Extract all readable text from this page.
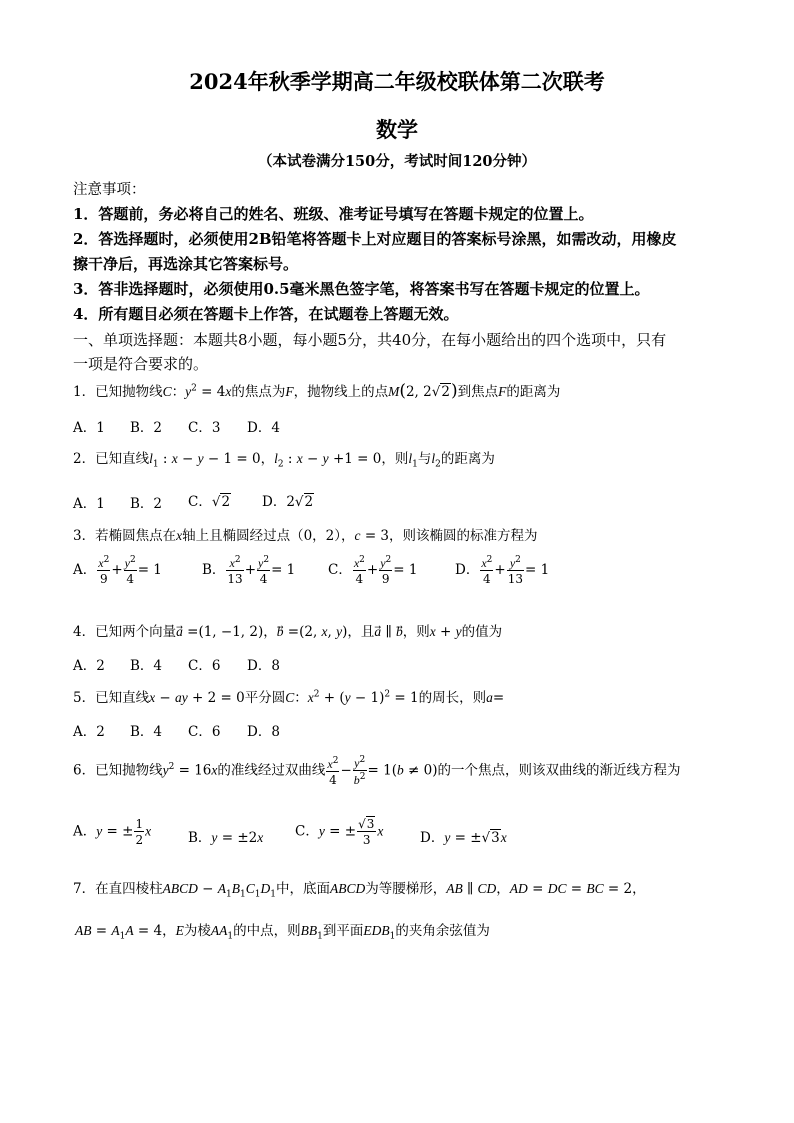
2024年秋季学期高二年级校联体第二次联考
数学
（本试卷满分150分，考试时间120分钟）
注意事项：
1．答题前，务必将自己的姓名、班级、准考证号填写在答题卡规定的位置上。
2．答选择题时，必须使用2B铅笔将答题卡上对应题目的答案标号涂黑，如需改动，用橡皮
擦干净后，再选涂其它答案标号。
3．答非选择题时，必须使用0.5毫米黑色签字笔，将答案书写在答题卡规定的位置上。
4．所有题目必须在答题卡上作答，在试题卷上答题无效。
一、单项选择题：本题共8小题，每小题5分，共40分，在每小题给出的四个选项中，只有
一项是符合要求的。
1．已知抛物线C：$y^2 = 4x$的焦点为F，抛物线上的点M(2, 2√2)到焦点F的距离为
A．1 B．2 C．3 D．4
2．已知直线$l_1$ : x − y − 1 = 0，$l_2$ : x − y +1 = 0，则$l_1$与$l_2$的距离为
A．1 B．2 C．√2 D．2√2
3．若椭圆焦点在x轴上且椭圆经过点（0，2），c = 3，则该椭圆的标准方程为
A． $\frac{x^2}{9} + \frac{y^2}{4} = 1$	B． $\frac{x^2}{13} + \frac{y^2}{4} = 1$ C． $\frac{x^2}{4} + \frac{y^2}{9} = 1$	D． $\frac{x^2}{4} + \frac{y^2}{13} = 1$
4．已知两个向量a⃗ =(1, −1, 2)，b⃗ =(2, x, y)，且a⃗ ∥ b，则x + y的值为
A．2 B．4 C．6 D．8
5．已知直线x − ay + 2 = 0平分圆C：$x^2 + (y - 1)^2 = 1$的周长，则a=
A．2 B．4 C．6 D．8
6．已知抛物线$y^2 = 16x$的准线经过双曲线 $\frac{x^2}{4} - \frac{y^2}{b^2} = 1(b \ne 0)$的一个焦点，则该双曲线的渐近线方程为
A．y = ± $\frac{1}{2}$ x	B．y = ±2x C．y = ± $\frac{√3}{3}$ x	D．y = ±√3x
7．在直四棱柱ABCD − $A_1B_1C_1D_1$中，底面ABCD为等腰梯形，AB ∥ CD，AD = DC = BC = 2，
AB = $A_1A = 4$，E为棱$AA_1$的中点，则$BB_1$到平面$EDB_1$的夹角余弦值为
